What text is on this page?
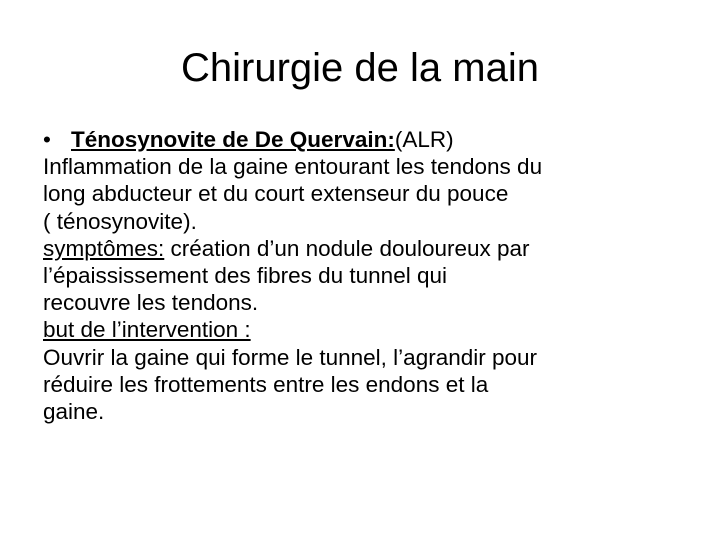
Chirurgie de la main

• Ténosynovite de De Quervain:(ALR)

Inflammation de la gaine entourant les tendons du
long abducteur et du court extenseur du pouce
( ténosynovite).

symptômes: création d’un nodule douloureux par
l’épaississement des fibres du tunnel qui
recouvre les tendons.

but de l’intervention :

Ouvrir la gaine qui forme le tunnel, l’agrandir pour
réduire les frottements entre les endons et la
gaine.
